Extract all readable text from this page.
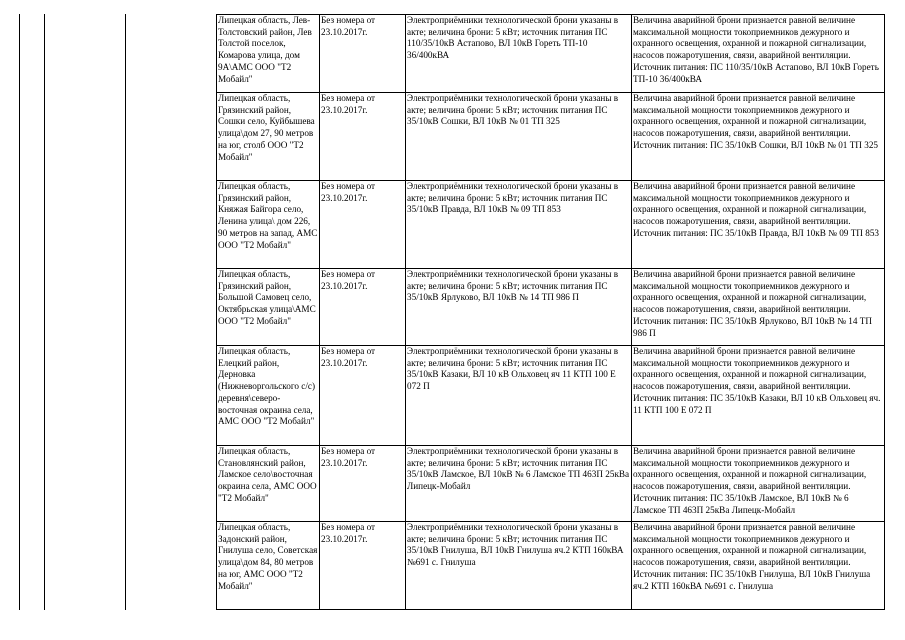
Липецкая область, Лев-Толстовский район, Лев Толстой поселок, Комарова улица, дом 9А\АМС ООО "Т2 Мобайл"	Без номера от 23.10.2017г.	Электроприёмники технологической брони указаны в акте; величина брони: 5 кВт; источник питания ПС 110/35/10кВ Астапово, ВЛ 10кВ Гореть ТП-10 36/400кВА	Величина аварийной брони признается равной величине максимальной мощности токоприемников дежурного и охранного освещения, охранной и пожарной сигнализации, насосов пожаротушения, связи, аварийной вентиляции. Источник питания: ПС 110/35/10кВ Астапово, ВЛ 10кВ Гореть ТП-10 36/400кВА
Липецкая область, Грязинский район, Сошки село, Куйбышева улица\дом 27, 90 метров на юг, столб ООО "Т2 Мобайл"	Без номера от 23.10.2017г.	Электроприёмники технологической брони указаны в акте; величина брони: 5 кВт; источник питания ПС 35/10кВ Сошки, ВЛ 10кВ № 01 ТП 325	Величина аварийной брони признается равной величине максимальной мощности токоприемников дежурного и охранного освещения, охранной и пожарной сигнализации, насосов пожаротушения, связи, аварийной вентиляции. Источник питания: ПС 35/10кВ Сошки, ВЛ 10кВ № 01 ТП 325
Липецкая область, Грязинский район, Княжая Байгора село, Ленина улица\ дом 226, 90 метров на запад, АМС ООО "Т2 Мобайл"	Без номера от 23.10.2017г.	Электроприёмники технологической брони указаны в акте; величина брони: 5 кВт; источник питания ПС 35/10кВ Правда, ВЛ 10кВ № 09 ТП 853	Величина аварийной брони признается равной величине максимальной мощности токоприемников дежурного и охранного освещения, охранной и пожарной сигнализации, насосов пожаротушения, связи, аварийной вентиляции. Источник питания: ПС 35/10кВ Правда, ВЛ 10кВ № 09 ТП 853
Липецкая область, Грязинский район, Большой Самовец село, Октябрьская улица\АМС ООО "Т2 Мобайл"	Без номера от 23.10.2017г.	Электроприёмники технологической брони указаны в акте; величина брони: 5 кВт; источник питания ПС 35/10кВ Ярлуково, ВЛ 10кВ № 14 ТП 986 П	Величина аварийной брони признается равной величине максимальной мощности токоприемников дежурного и охранного освещения, охранной и пожарной сигнализации, насосов пожаротушения, связи, аварийной вентиляции. Источник питания: ПС 35/10кВ Ярлуково, ВЛ 10кВ № 14 ТП 986 П
Липецкая область, Елецкий район, Дерновка (Нижневоргольского с/с) деревня\северо-восточная окраина села, АМС ООО "Т2 Мобайл"	Без номера от 23.10.2017г.	Электроприёмники технологической брони указаны в акте; величина брони: 5 кВт; источник питания ПС 35/10кВ Казаки, ВЛ 10 кВ Ольховец яч 11 КТП 100 Е 072 П	Величина аварийной брони признается равной величине максимальной мощности токоприемников дежурного и охранного освещения, охранной и пожарной сигнализации, насосов пожаротушения, связи, аварийной вентиляции. Источник питания: ПС 35/10кВ Казаки, ВЛ 10 кВ Ольховец яч. 11 КТП 100 Е 072 П
Липецкая область, Становлянский район, Ламское село\восточная окраина села, АМС ООО "Т2 Мобайл"	Без номера от 23.10.2017г.	Электроприёмники технологической брони указаны в акте; величина брони: 5 кВт; источник питания ПС 35/10кВ Ламское, ВЛ 10кВ № 6 Ламское ТП 463П 25кВа Липецк-Мобайл	Величина аварийной брони признается равной величине максимальной мощности токоприемников дежурного и охранного освещения, охранной и пожарной сигнализации, насосов пожаротушения, связи, аварийной вентиляции. Источник питания: ПС 35/10кВ Ламское, ВЛ 10кВ № 6 Ламское ТП 463П 25кВа Липецк-Мобайл
Липецкая область, Задонский район, Гнилуша село, Советская улица\дом 84, 80 метров на юг, АМС ООО "Т2 Мобайл"	Без номера от 23.10.2017г.	Электроприёмники технологической брони указаны в акте; величина брони: 5 кВт; источник питания ПС 35/10кВ Гнилуша, ВЛ 10кВ Гнилуша яч.2 КТП 160кВА №691 с. Гнилуша	Величина аварийной брони признается равной величине максимальной мощности токоприемников дежурного и охранного освещения, охранной и пожарной сигнализации, насосов пожаротушения, связи, аварийной вентиляции. Источник питания: ПС 35/10кВ Гнилуша, ВЛ 10кВ Гнилуша яч.2 КТП 160кВА №691 с. Гнилуша
